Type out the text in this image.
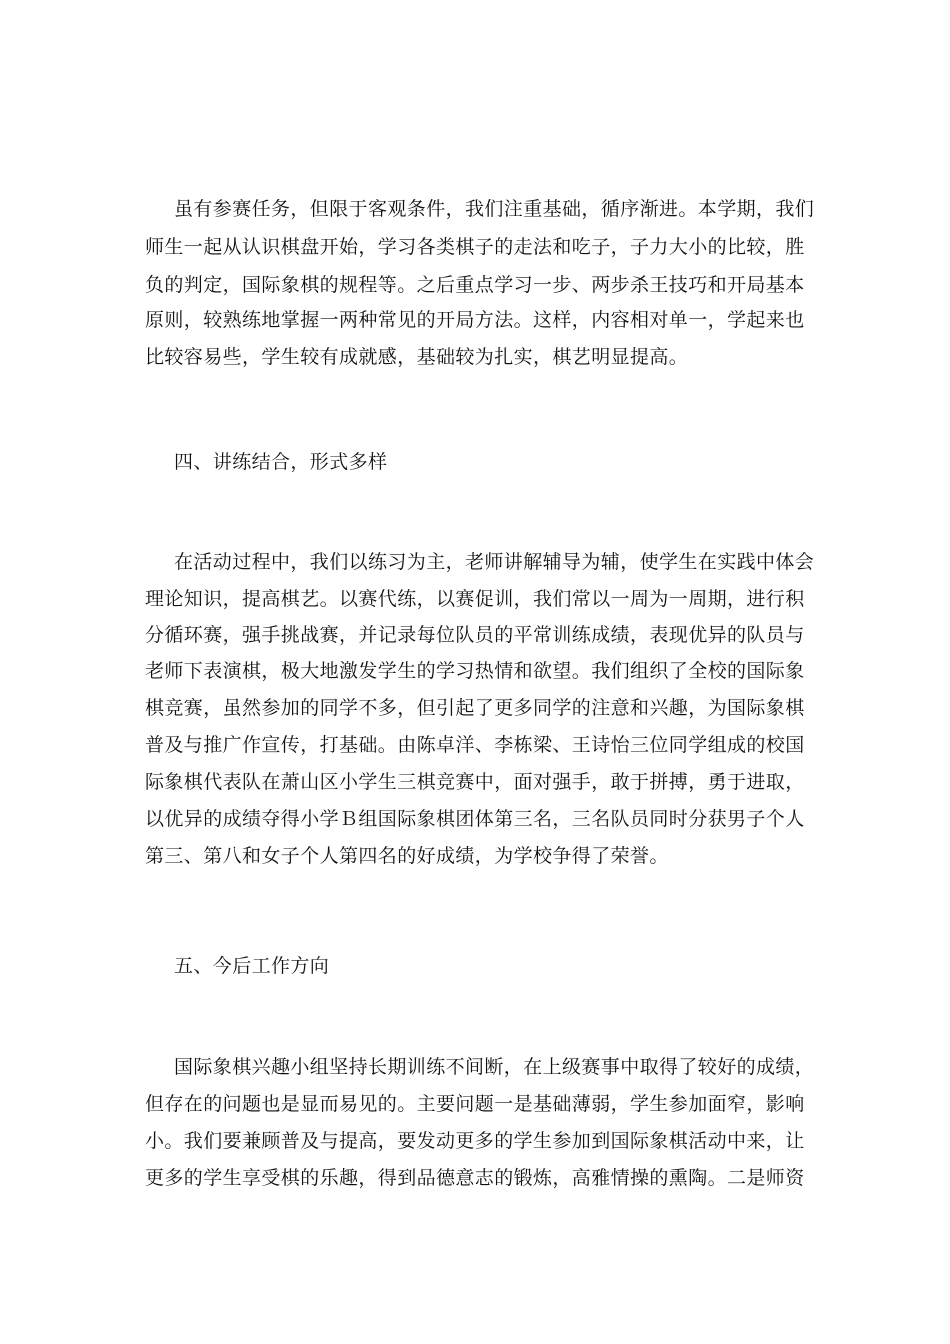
虽有参赛任务，但限于客观条件，我们注重基础，循序渐进。本学期，我们
师生一起从认识棋盘开始，学习各类棋子的走法和吃子，子力大小的比较，胜
负的判定，国际象棋的规程等。之后重点学习一步、两步杀王技巧和开局基本
原则，较熟练地掌握一两种常见的开局方法。这样，内容相对单一，学起来也
比较容易些，学生较有成就感，基础较为扎实，棋艺明显提高。
四、讲练结合，形式多样
在活动过程中，我们以练习为主，老师讲解辅导为辅，使学生在实践中体会
理论知识，提高棋艺。以赛代练，以赛促训，我们常以一周为一周期，进行积
分循环赛，强手挑战赛，并记录每位队员的平常训练成绩，表现优异的队员与
老师下表演棋，极大地激发学生的学习热情和欲望。我们组织了全校的国际象
棋竞赛，虽然参加的同学不多，但引起了更多同学的注意和兴趣，为国际象棋
普及与推广作宣传，打基础。由陈卓洋、李栋梁、王诗怡三位同学组成的校国
际象棋代表队在萧山区小学生三棋竞赛中，面对强手，敢于拼搏，勇于进取，
以优异的成绩夺得小学Ｂ组国际象棋团体第三名，三名队员同时分获男子个人
第三、第八和女子个人第四名的好成绩，为学校争得了荣誉。
五、今后工作方向
国际象棋兴趣小组坚持长期训练不间断，在上级赛事中取得了较好的成绩，
但存在的问题也是显而易见的。主要问题一是基础薄弱，学生参加面窄，影响
小。我们要兼顾普及与提高，要发动更多的学生参加到国际象棋活动中来，让
更多的学生享受棋的乐趣，得到品德意志的锻炼，高雅情操的熏陶。二是师资
